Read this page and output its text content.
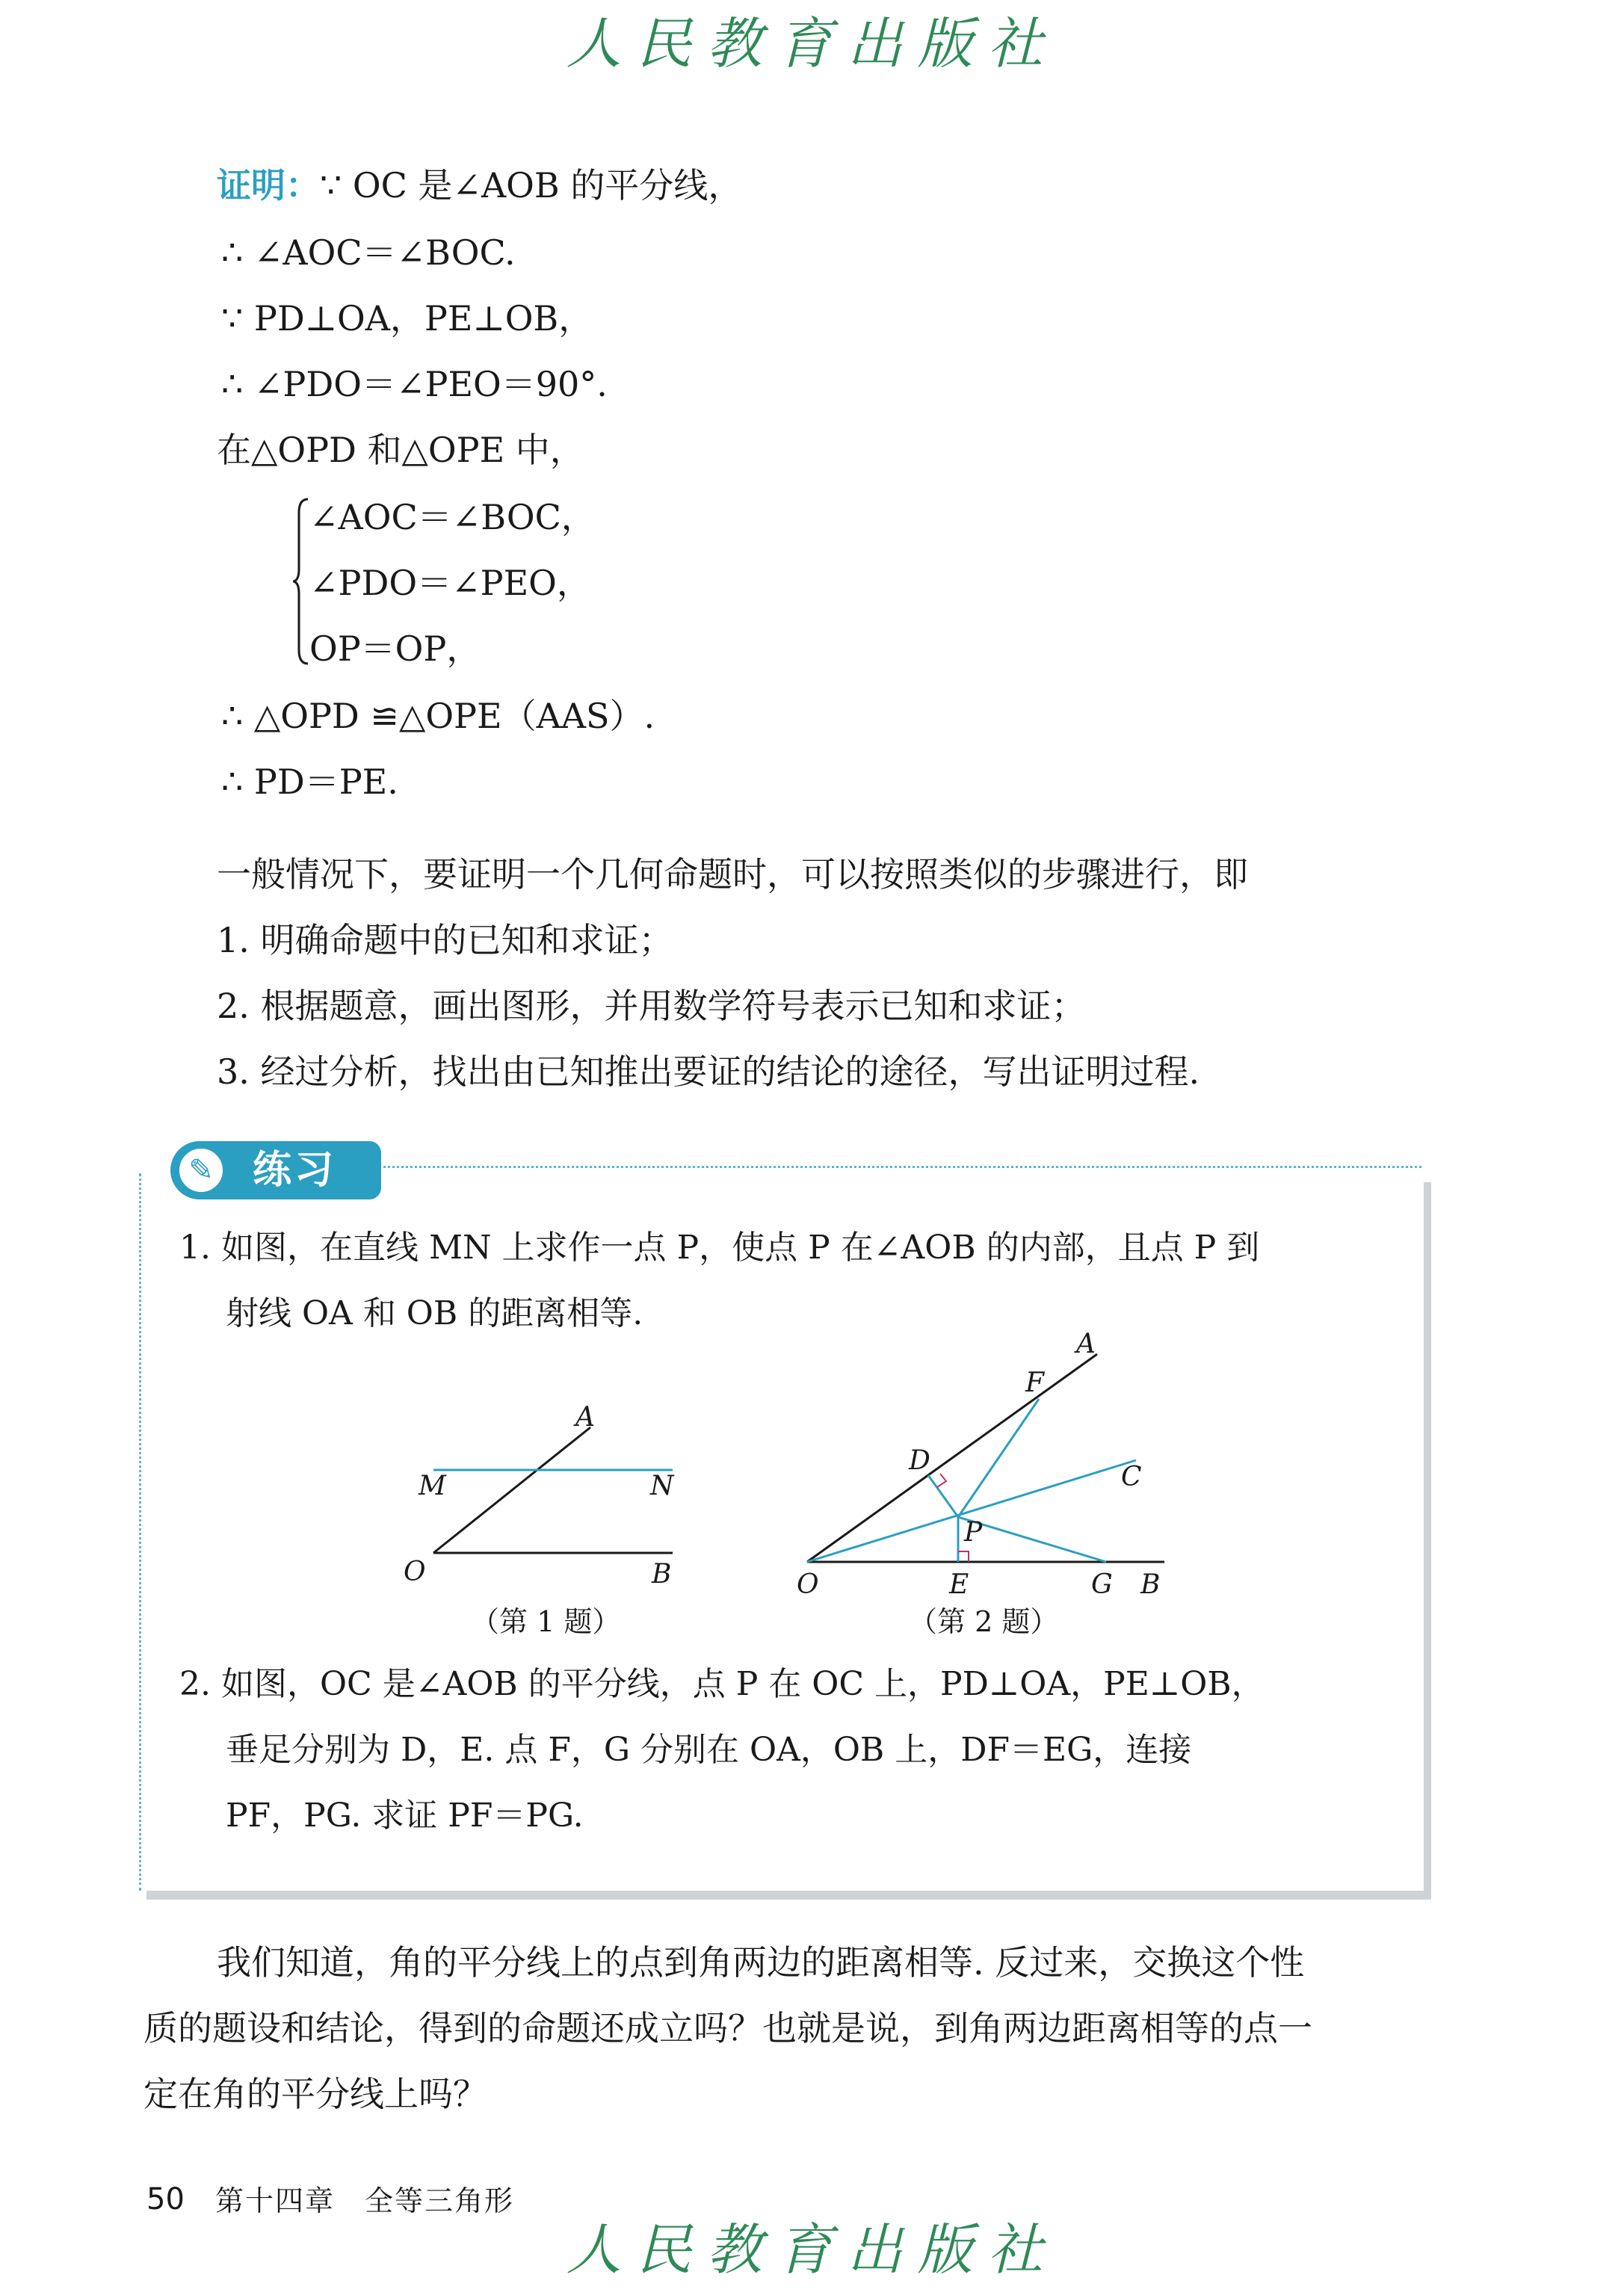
人民教育出版社
证明：∵ OC 是∠AOB 的平分线，
∴ ∠AOC＝∠BOC.
∵ PD⊥OA，PE⊥OB，
∴ ∠PDO＝∠PEO＝90°.
在△OPD 和△OPE 中，
∠AOC＝∠BOC，
∠PDO＝∠PEO，
OP＝OP，
∴ △OPD ≌△OPE（AAS）.
∴ PD＝PE.
一般情况下，要证明一个几何命题时，可以按照类似的步骤进行，即
1. 明确命题中的已知和求证；
2. 根据题意，画出图形，并用数学符号表示已知和求证；
3. 经过分析，找出由已知推出要证的结论的途径，写出证明过程.
✎	练习
1. 如图，在直线 MN 上求作一点 P，使点 P 在∠AOB 的内部，且点 P 到
射线 OA 和 OB 的距离相等.
A
M	N
O	B
（第 1 题）
A
F
D
C
P
O	E	G B
（第 2 题）
2. 如图，OC 是∠AOB 的平分线，点 P 在 OC 上，PD⊥OA，PE⊥OB，
垂足分别为 D，E. 点 F，G 分别在 OA，OB 上，DF＝EG，连接
PF，PG. 求证 PF＝PG.
我们知道，角的平分线上的点到角两边的距离相等. 反过来，交换这个性
质的题设和结论，得到的命题还成立吗？也就是说，到角两边距离相等的点一
定在角的平分线上吗？
50 第十四章　全等三角形
人民教育出版社
